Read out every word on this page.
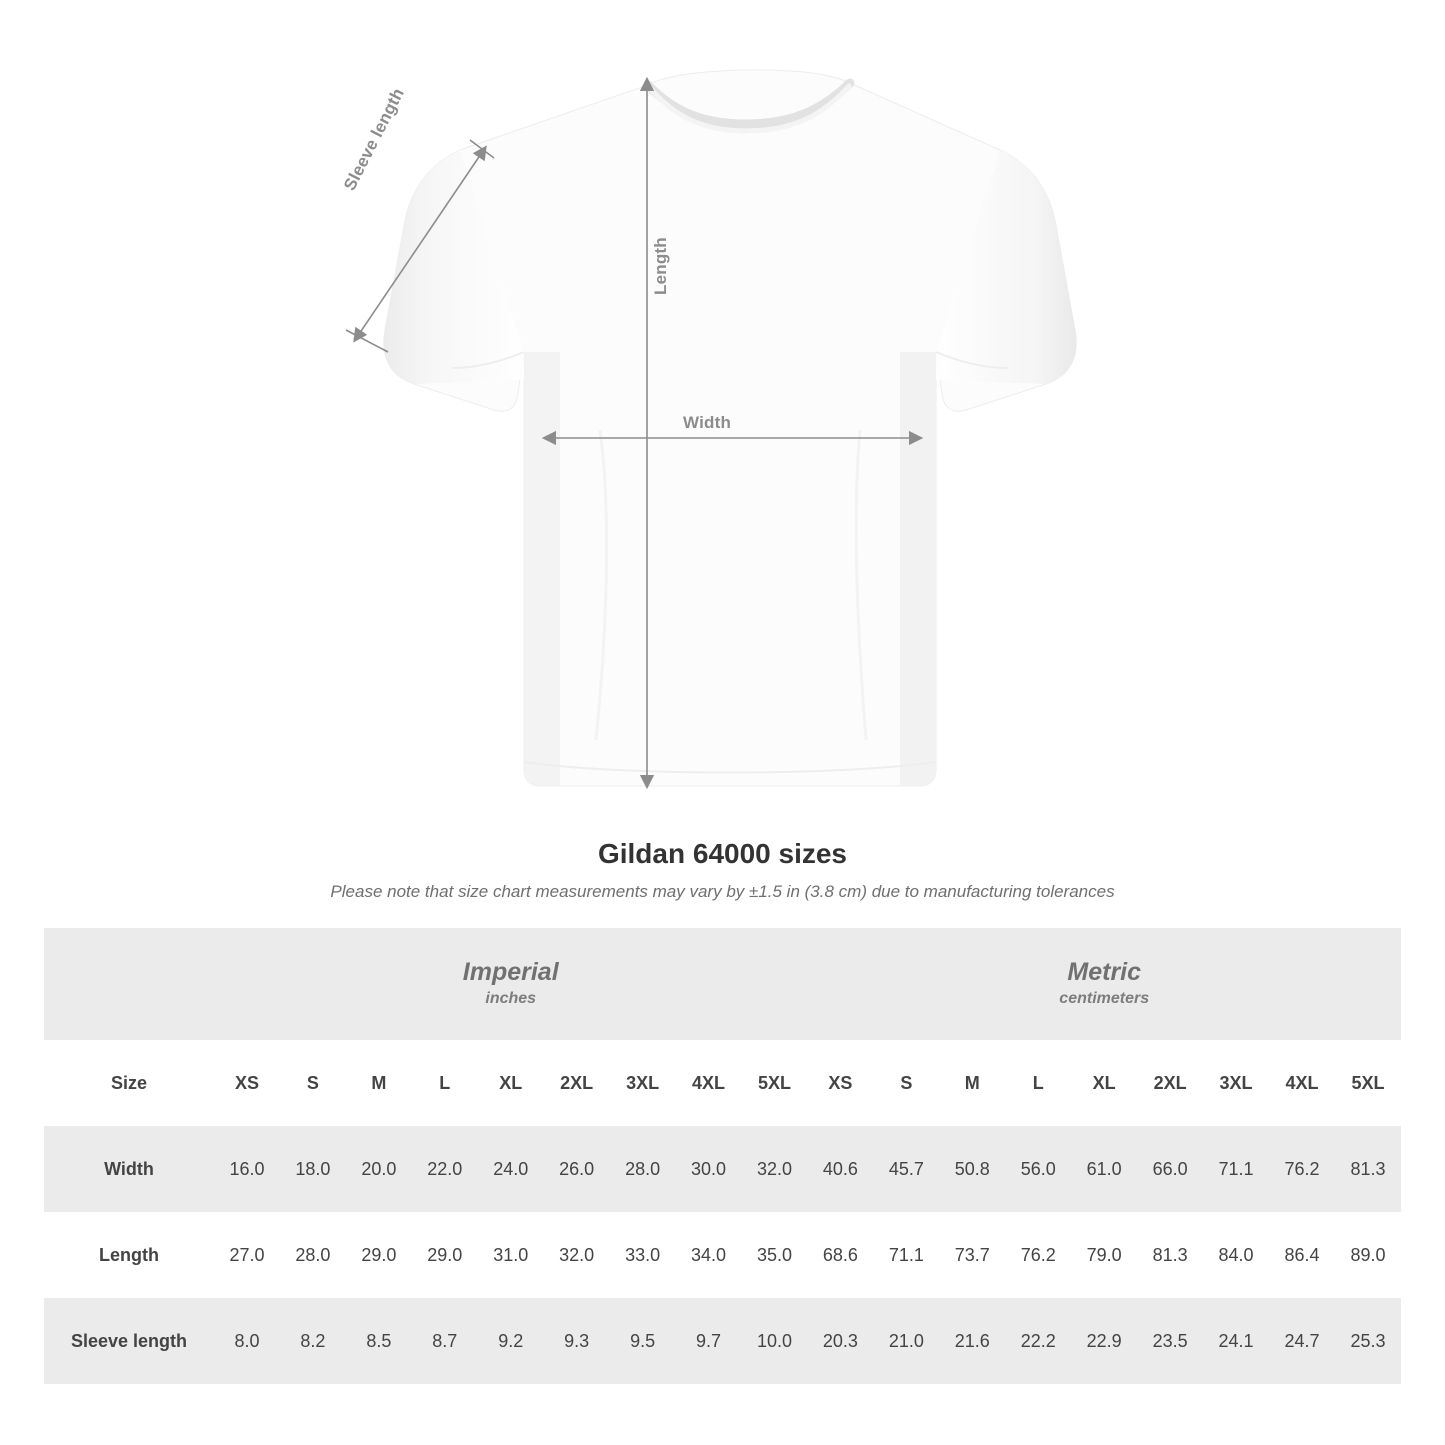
Sleeve length
Length
Width
Gildan 64000 sizes
Please note that size chart measurements may vary by ±1.5 in (3.8 cm) due to manufacturing tolerances

	Imperial
inches									Metric
centimeters								

Size	XS	S	M	L	XL	2XL	3XL	4XL	5XL	XS	S	M	L	XL	2XL	3XL	4XL	5XL
Width	16.0	18.0	20.0	22.0	24.0	26.0	28.0	30.0	32.0	40.6	45.7	50.8	56.0	61.0	66.0	71.1	76.2	81.3
Length	27.0	28.0	29.0	29.0	31.0	32.0	33.0	34.0	35.0	68.6	71.1	73.7	76.2	79.0	81.3	84.0	86.4	89.0
Sleeve length	8.0	8.2	8.5	8.7	9.2	9.3	9.5	9.7	10.0	20.3	21.0	21.6	22.2	22.9	23.5	24.1	24.7	25.3
